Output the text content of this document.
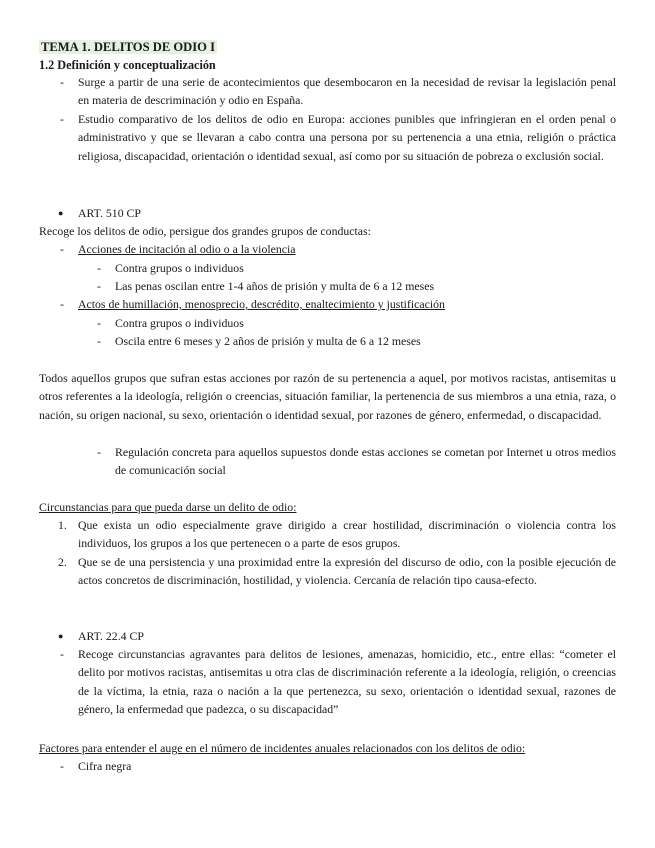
TEMA 1. DELITOS DE ODIO I
1.2 Definición y conceptualización
- Surge a partir de una serie de acontecimientos que desembocaron en la necesidad de revisar la legislación penal en materia de descriminación y odio en España.
- Estudio comparativo de los delitos de odio en Europa: acciones punibles que infringieran en el orden penal o administrativo y que se llevaran a cabo contra una persona por su pertenencia a una etnia, religión o práctica religiosa, discapacidad, orientación o identidad sexual, así como por su situación de pobreza o exclusión social.
● ART. 510 CP
Recoge los delitos de odio, persigue dos grandes grupos de conductas:
- Acciones de incitación al odio o a la violencia
- Contra grupos o individuos
- Las penas oscilan entre 1-4 años de prisión y multa de 6 a 12 meses
- Actos de humillación, menosprecio, descrédito, enaltecimiento y justificación
- Contra grupos o individuos
- Oscila entre 6 meses y 2 años de prisión y multa de 6 a 12 meses
Todos aquellos grupos que sufran estas acciones por razón de su pertenencia a aquel, por motivos racistas, antisemitas u otros referentes a la ideología, religión o creencias, situación familiar, la pertenencia de sus miembros a una etnia, raza, o nación, su origen nacional, su sexo, orientación o identidad sexual, por razones de género, enfermedad, o discapacidad.
- Regulación concreta para aquellos supuestos donde estas acciones se cometan por Internet u otros medios de comunicación social
Circunstancias para que pueda darse un delito de odio:
1. Que exista un odio especialmente grave dirigido a crear hostilidad, discriminación o violencia contra los individuos, los grupos a los que pertenecen o a parte de esos grupos.
2. Que se de una persistencia y una proximidad entre la expresión del discurso de odio, con la posible ejecución de actos concretos de discriminación, hostilidad, y violencia. Cercanía de relación tipo causa-efecto.
● ART. 22.4 CP
- Recoge circunstancias agravantes para delitos de lesiones, amenazas, homicidio, etc., entre ellas: “cometer el delito por motivos racistas, antisemitas u otra clas de discriminación referente a la ideología, religión, o creencias de la víctima, la etnia, raza o nación a la que pertenezca, su sexo, orientación o identidad sexual, razones de género, la enfermedad que padezca, o su discapacidad”
Factores para entender el auge en el número de incidentes anuales relacionados con los delitos de odio:
- Cifra negra
